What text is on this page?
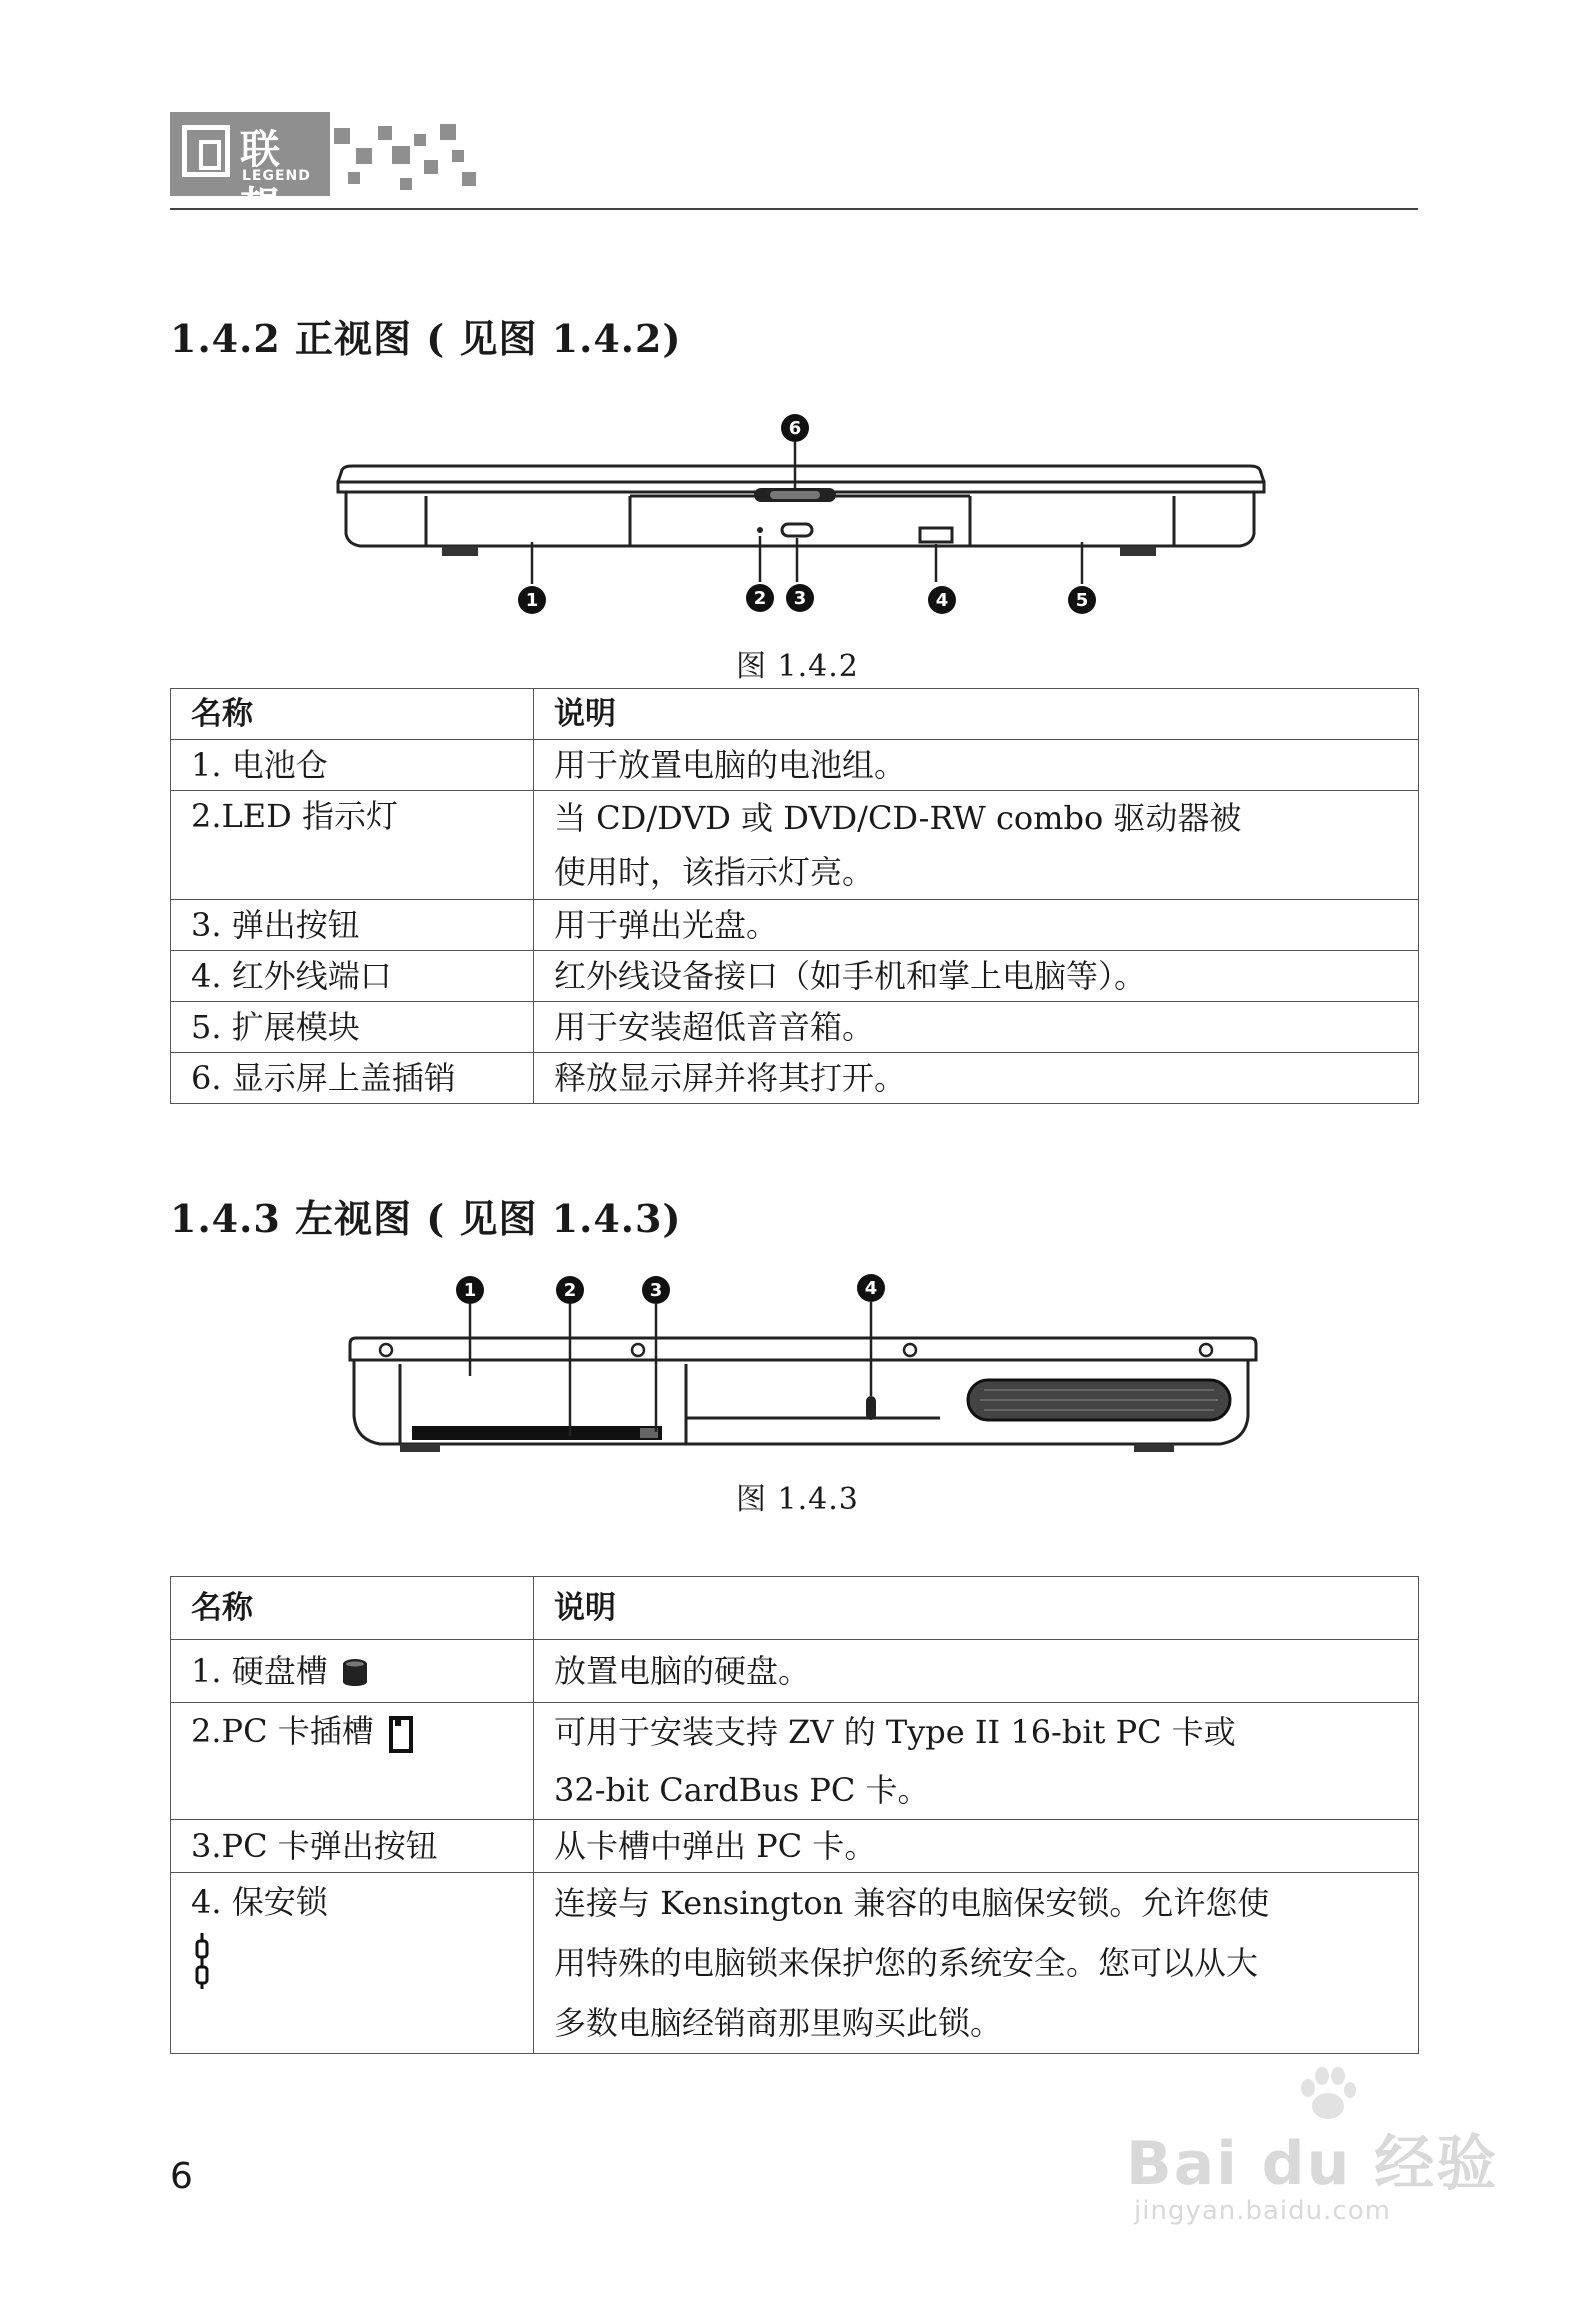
联想
LEGEND
1.4.2 正视图 ( 见图 1.4.2)
6
1	2 3	4	5
图 1.4.2
名称	说明
1. 电池仓	用于放置电脑的电池组。
2.LED 指示灯	当 CD/DVD 或 DVD/CD-RW combo 驱动器被
使用时，该指示灯亮。

3. 弹出按钮	用于弹出光盘。
4. 红外线端口	红外线设备接口（如手机和掌上电脑等）。
5. 扩展模块	用于安装超低音音箱。
6. 显示屏上盖插销	释放显示屏并将其打开。
1.4.3 左视图 ( 见图 1.4.3)
1	2	3	4
图 1.4.3
名称	说明
1. 硬盘槽	放置电脑的硬盘。
2.PC 卡插槽	可用于安装支持 ZV 的 Type II 16-bit PC 卡或
32-bit CardBus PC 卡。

3.PC 卡弹出按钮	从卡槽中弹出 PC 卡。

4. 保安锁	连接与 Kensington 兼容的电脑保安锁。允许您使
用特殊的电脑锁来保护您的系统安全。您可以从大
多数电脑经销商那里购买此锁。
6	Bai du 经验
jingyan.baidu.com
